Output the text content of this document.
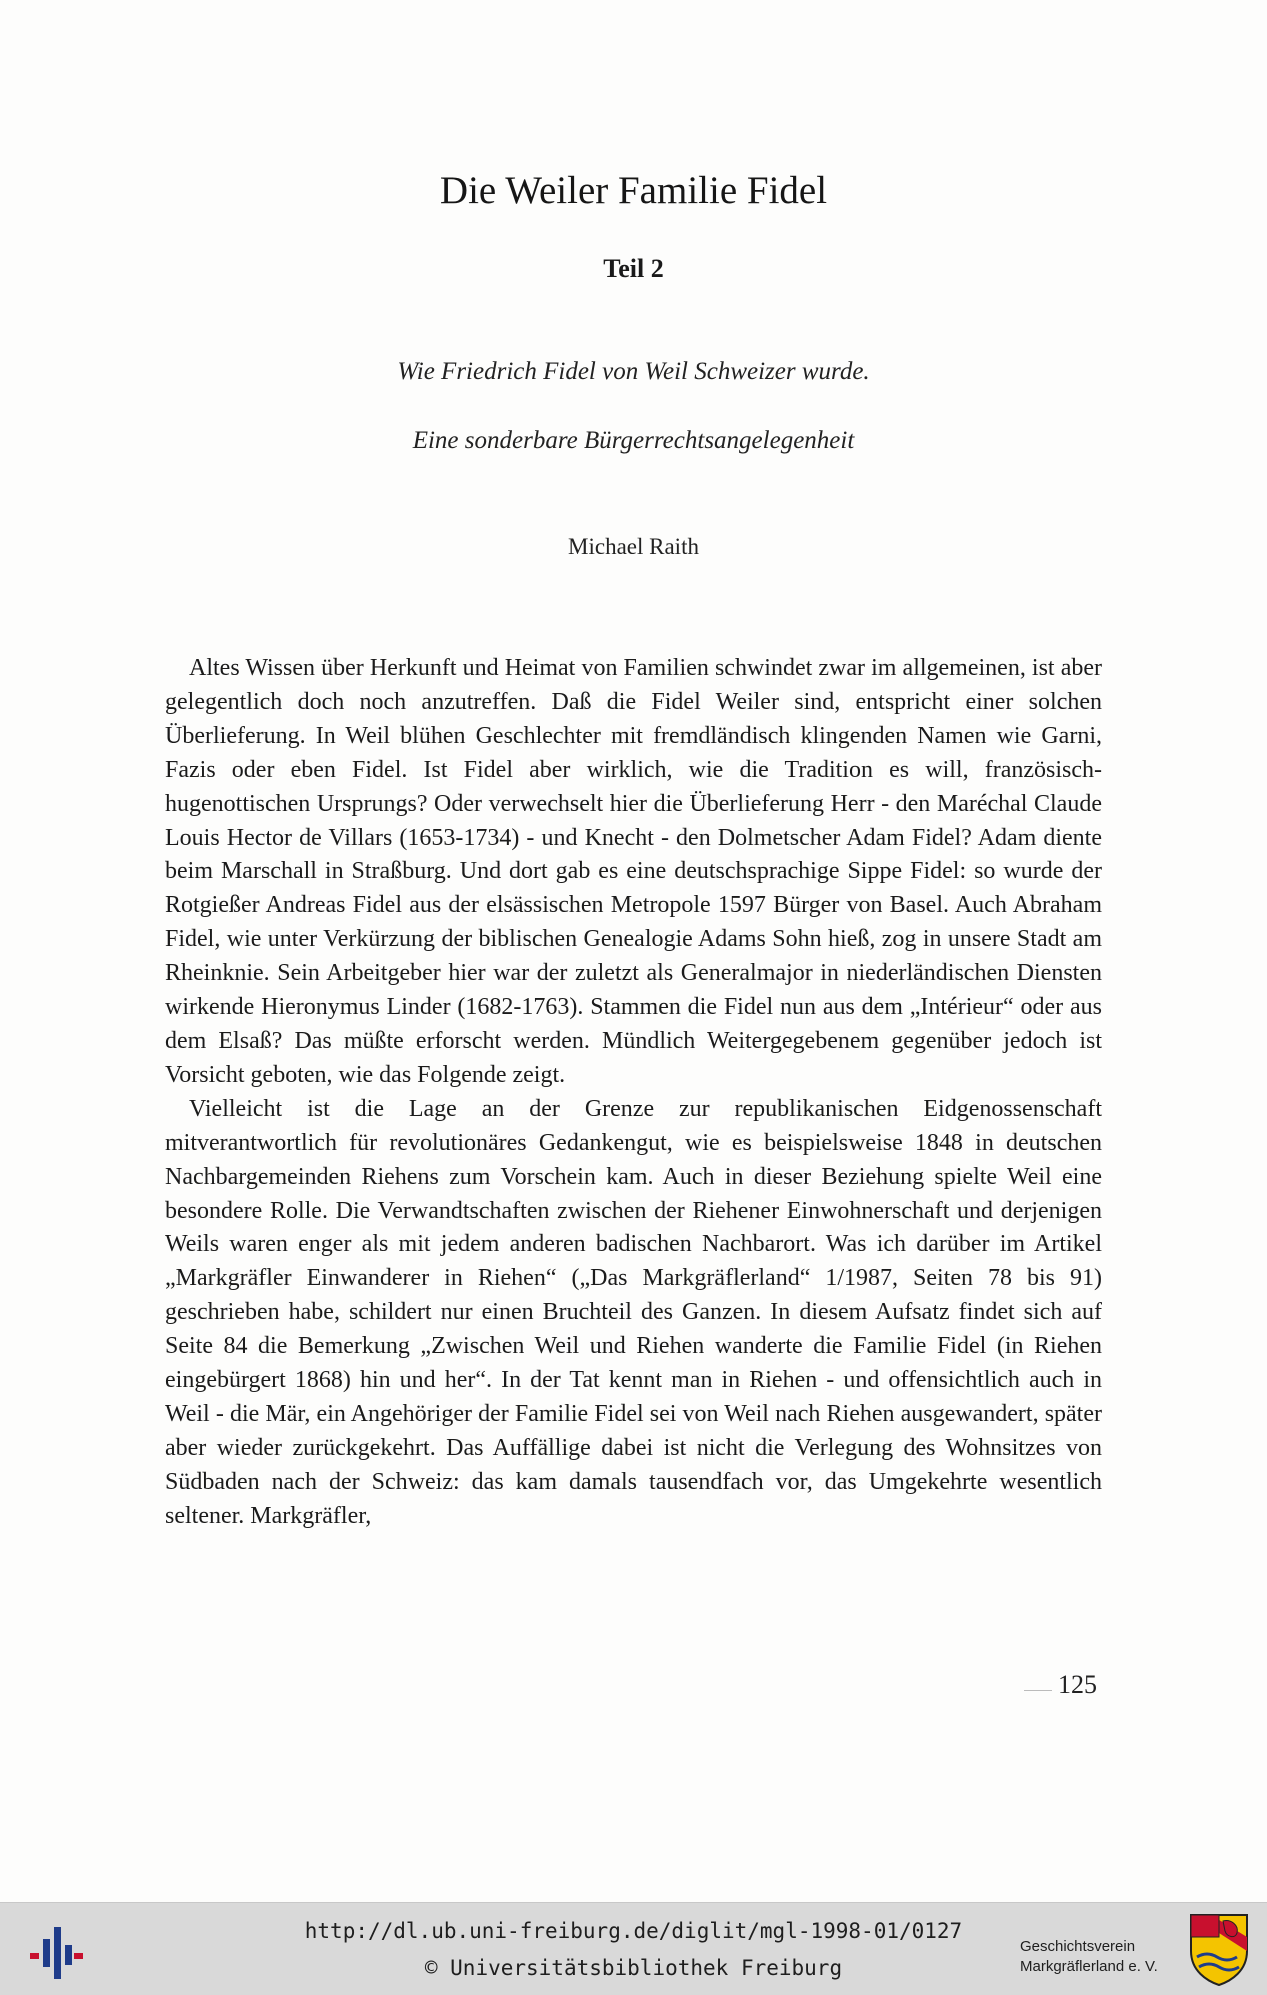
Die Weiler Familie Fidel
Teil 2
Wie Friedrich Fidel von Weil Schweizer wurde.
Eine sonderbare Bürgerrechtsangelegenheit
Michael Raith

Altes Wissen über Herkunft und Heimat von Familien schwindet zwar im allgemeinen, ist aber gelegentlich doch noch anzutreffen. Daß die Fidel Weiler sind, entspricht einer solchen Überlieferung. In Weil blühen Geschlechter mit fremdländisch klingenden Namen wie Garni, Fazis oder eben Fidel. Ist Fidel aber wirklich, wie die Tradition es will, französisch-hugenottischen Ursprungs? Oder verwechselt hier die Überlieferung Herr - den Maréchal Claude Louis Hector de Villars (1653-1734) - und Knecht - den Dolmetscher Adam Fidel? Adam diente beim Marschall in Straßburg. Und dort gab es eine deutschsprachige Sippe Fidel: so wurde der Rotgießer Andreas Fidel aus der elsässischen Metropole 1597 Bürger von Basel. Auch Abraham Fidel, wie unter Verkürzung der biblischen Genealogie Adams Sohn hieß, zog in unsere Stadt am Rheinknie. Sein Arbeitgeber hier war der zuletzt als Generalmajor in niederländischen Diensten wirkende Hieronymus Linder (1682-1763). Stammen die Fidel nun aus dem „Intérieur“ oder aus dem Elsaß? Das müßte erforscht werden. Mündlich Weitergegebenem gegenüber jedoch ist Vorsicht geboten, wie das Folgende zeigt.

Vielleicht ist die Lage an der Grenze zur republikanischen Eidgenossenschaft mitverantwortlich für revolutionäres Gedankengut, wie es beispielsweise 1848 in deutschen Nachbargemeinden Riehens zum Vorschein kam. Auch in dieser Beziehung spielte Weil eine besondere Rolle. Die Verwandtschaften zwischen der Riehener Einwohnerschaft und derjenigen Weils waren enger als mit jedem anderen badischen Nachbarort. Was ich darüber im Artikel „Markgräfler Einwanderer in Riehen“ („Das Markgräflerland“ 1/1987, Seiten 78 bis 91) geschrieben habe, schildert nur einen Bruchteil des Ganzen. In diesem Aufsatz findet sich auf Seite 84 die Bemerkung „Zwischen Weil und Riehen wanderte die Familie Fidel (in Riehen eingebürgert 1868) hin und her“. In der Tat kennt man in Riehen - und offensichtlich auch in Weil - die Mär, ein Angehöriger der Familie Fidel sei von Weil nach Riehen ausgewandert, später aber wieder zurückgekehrt. Das Auffällige dabei ist nicht die Verlegung des Wohnsitzes von Südbaden nach der Schweiz: das kam damals tausendfach vor, das Umgekehrte wesentlich seltener. Markgräfler,

125
http://dl.ub.uni-freiburg.de/diglit/mgl-1998-01/0127
© Universitätsbibliothek Freiburg
Geschichtsverein
Markgräflerland e. V.
